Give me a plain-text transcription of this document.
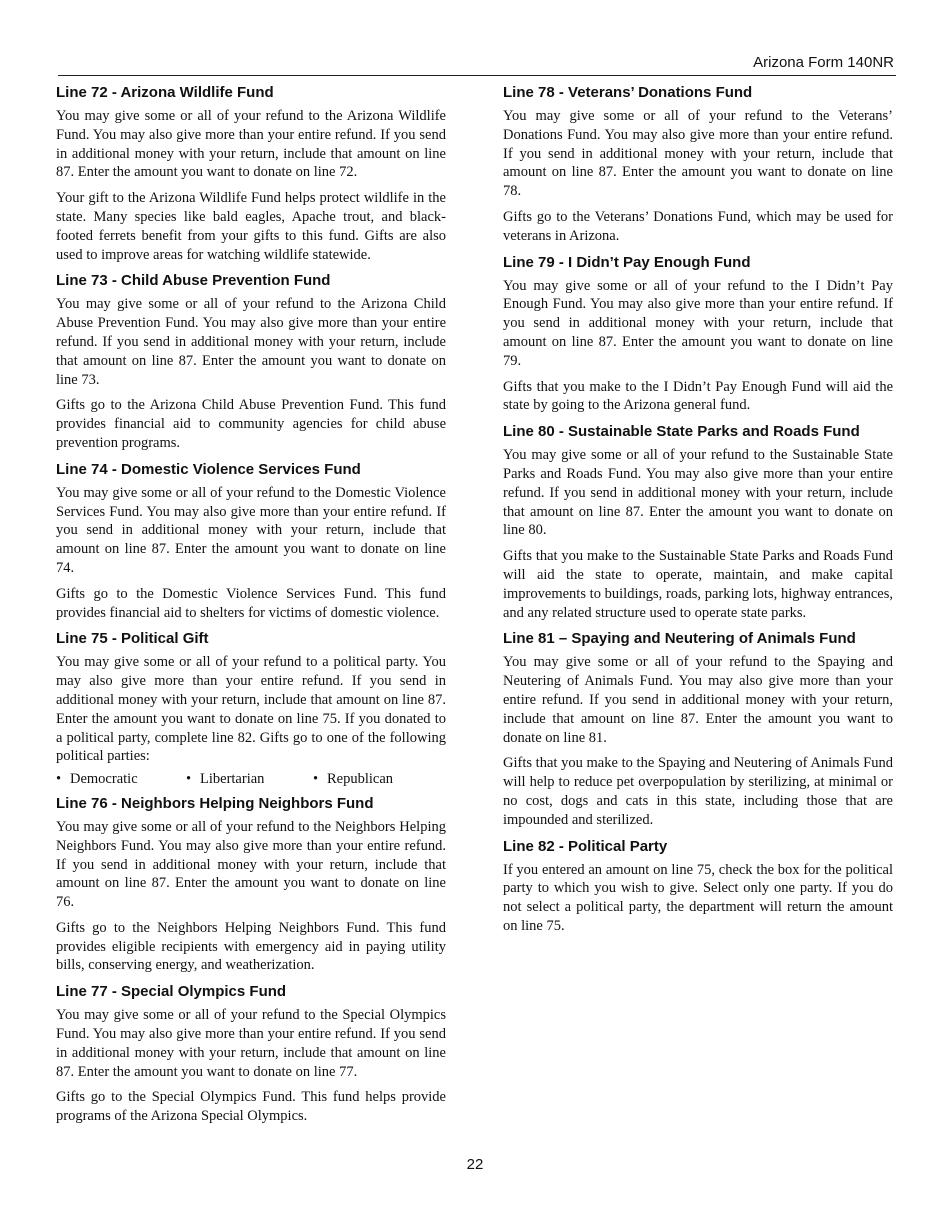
Arizona Form 140NR
Line 72 - Arizona Wildlife Fund

You may give some or all of your refund to the Arizona Wildlife Fund. You may also give more than your entire refund. If you send in additional money with your return, include that amount on line 87. Enter the amount you want to donate on line 72.

Your gift to the Arizona Wildlife Fund helps protect wildlife in the state. Many species like bald eagles, Apache trout, and black-footed ferrets benefit from your gifts to this fund. Gifts are also used to improve areas for watching wildlife statewide.

Line 73 - Child Abuse Prevention Fund

You may give some or all of your refund to the Arizona Child Abuse Prevention Fund. You may also give more than your entire refund. If you send in additional money with your return, include that amount on line 87. Enter the amount you want to donate on line 73.

Gifts go to the Arizona Child Abuse Prevention Fund. This fund provides financial aid to community agencies for child abuse prevention programs.

Line 74 - Domestic Violence Services Fund

You may give some or all of your refund to the Domestic Violence Services Fund. You may also give more than your entire refund. If you send in additional money with your return, include that amount on line 87. Enter the amount you want to donate on line 74.

Gifts go to the Domestic Violence Services Fund. This fund provides financial aid to shelters for victims of domestic violence.

Line 75 - Political Gift

You may give some or all of your refund to a political party. You may also give more than your entire refund. If you send in additional money with your return, include that amount on line 87. Enter the amount you want to donate on line 75. If you donated to a political party, complete line 82. Gifts go to one of the following political parties:

• Democratic	• Libertarian	• Republican
Line 76 - Neighbors Helping Neighbors Fund

You may give some or all of your refund to the Neighbors Helping Neighbors Fund. You may also give more than your entire refund. If you send in additional money with your return, include that amount on line 87. Enter the amount you want to donate on line 76.

Gifts go to the Neighbors Helping Neighbors Fund. This fund provides eligible recipients with emergency aid in paying utility bills, conserving energy, and weatherization.

Line 77 - Special Olympics Fund

You may give some or all of your refund to the Special Olympics Fund. You may also give more than your entire refund. If you send in additional money with your return, include that amount on line 87. Enter the amount you want to donate on line 77.

Gifts go to the Special Olympics Fund. This fund helps provide programs of the Arizona Special Olympics.

Line 78 - Veterans’ Donations Fund

You may give some or all of your refund to the Veterans’ Donations Fund. You may also give more than your entire refund. If you send in additional money with your return, include that amount on line 87. Enter the amount you want to donate on line 78.

Gifts go to the Veterans’ Donations Fund, which may be used for veterans in Arizona.

Line 79 - I Didn’t Pay Enough Fund

You may give some or all of your refund to the I Didn’t Pay Enough Fund. You may also give more than your entire refund. If you send in additional money with your return, include that amount on line 87. Enter the amount you want to donate on line 79.

Gifts that you make to the I Didn’t Pay Enough Fund will aid the state by going to the Arizona general fund.

Line 80 - Sustainable State Parks and Roads Fund

You may give some or all of your refund to the Sustainable State Parks and Roads Fund. You may also give more than your entire refund. If you send in additional money with your return, include that amount on line 87. Enter the amount you want to donate on line 80.

Gifts that you make to the Sustainable State Parks and Roads Fund will aid the state to operate, maintain, and make capital improvements to buildings, roads, parking lots, highway entrances, and any related structure used to operate state parks.

Line 81 – Spaying and Neutering of Animals Fund

You may give some or all of your refund to the Spaying and Neutering of Animals Fund. You may also give more than your entire refund. If you send in additional money with your return, include that amount on line 87. Enter the amount you want to donate on line 81.

Gifts that you make to the Spaying and Neutering of Animals Fund will help to reduce pet overpopulation by sterilizing, at minimal or no cost, dogs and cats in this state, including those that are impounded and sterilized.

Line 82 - Political Party

If you entered an amount on line 75, check the box for the political party to which you wish to give. Select only one party. If you do not select a political party, the department will return the amount on line 75.

22
